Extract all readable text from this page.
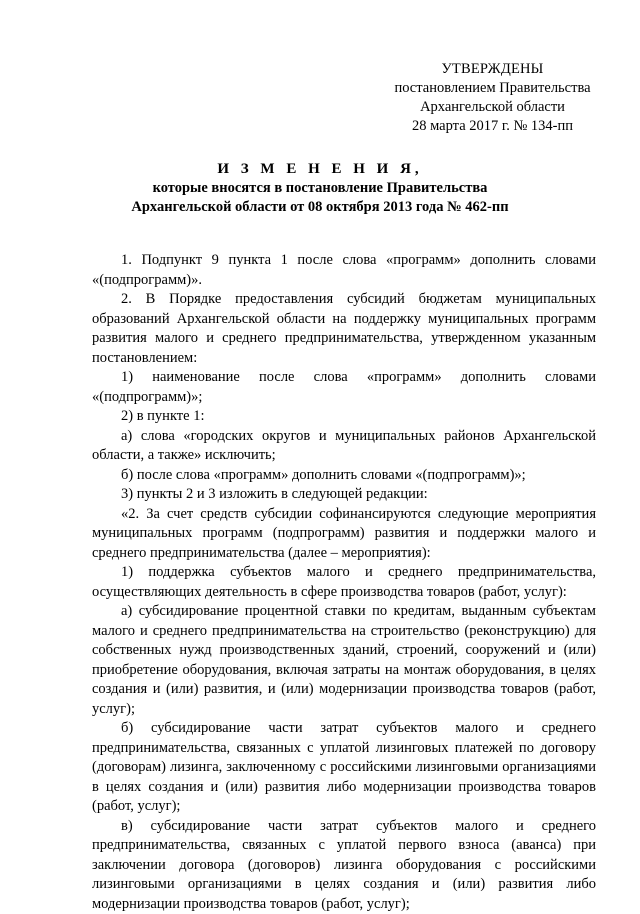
УТВЕРЖДЕНЫ
постановлением Правительства
Архангельской области
28 марта 2017 г. № 134-пп
И З М Е Н Е Н И Я,
которые вносятся в постановление Правительства
Архангельской области от 08 октября 2013 года № 462-пп

1. Подпункт 9 пункта 1 после слова «программ» дополнить словами «(подпрограмм)».

2. В Порядке предоставления субсидий бюджетам муниципальных образований Архангельской области на поддержку муниципальных программ развития малого и среднего предпринимательства, утвержденном указанным постановлением:

1) наименование после слова «программ» дополнить словами «(подпрограмм)»;

2) в пункте 1:

а) слова «городских округов и муниципальных районов Архангельской области, а также» исключить;

б) после слова «программ» дополнить словами «(подпрограмм)»;

3) пункты 2 и 3 изложить в следующей редакции:

«2. За счет средств субсидии софинансируются следующие мероприятия муниципальных программ (подпрограмм) развития и поддержки малого и среднего предпринимательства (далее – мероприятия):

1) поддержка субъектов малого и среднего предпринимательства, осуществляющих деятельность в сфере производства товаров (работ, услуг):

а) субсидирование процентной ставки по кредитам, выданным субъектам малого и среднего предпринимательства на строительство (реконструкцию) для собственных нужд производственных зданий, строений, сооружений и (или) приобретение оборудования, включая затраты на монтаж оборудования, в целях создания и (или) развития, и (или) модернизации производства товаров (работ, услуг);

б) субсидирование части затрат субъектов малого и среднего предпринимательства, связанных с уплатой лизинговых платежей по договору (договорам) лизинга, заключенному с российскими лизинговыми организациями в целях создания и (или) развития либо модернизации производства товаров (работ, услуг);

в) субсидирование части затрат субъектов малого и среднего предпринимательства, связанных с уплатой первого взноса (аванса) при заключении договора (договоров) лизинга оборудования с российскими лизинговыми организациями в целях создания и (или) развития либо модернизации производства товаров (работ, услуг);
